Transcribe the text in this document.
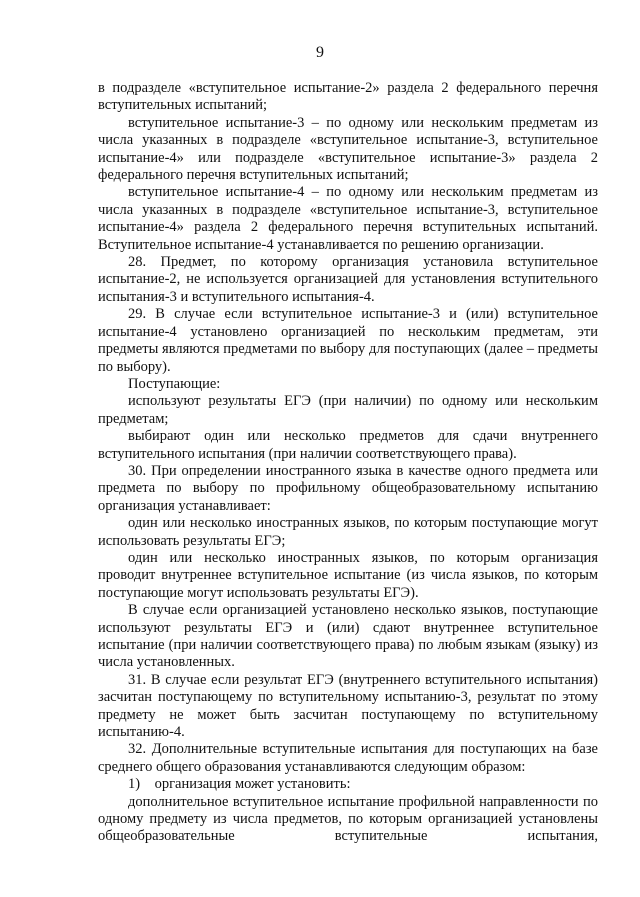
9

в подразделе «вступительное испытание-2» раздела 2 федерального перечня вступительных испытаний;

вступительное испытание-3 – по одному или нескольким предметам из числа указанных в подразделе «вступительное испытание-3, вступительное испытание-4» или подразделе «вступительное испытание-3» раздела 2 федерального перечня вступительных испытаний;

вступительное испытание-4 – по одному или нескольким предметам из числа указанных в подразделе «вступительное испытание-3, вступительное испытание-4» раздела 2 федерального перечня вступительных испытаний. Вступительное испытание-4 устанавливается по решению организации.

28. Предмет, по которому организация установила вступительное испытание-2, не используется организацией для установления вступительного испытания-3 и вступительного испытания-4.

29. В случае если вступительное испытание-3 и (или) вступительное испытание-4 установлено организацией по нескольким предметам, эти предметы являются предметами по выбору для поступающих (далее – предметы по выбору).

Поступающие:

используют результаты ЕГЭ (при наличии) по одному или нескольким предметам;

выбирают один или несколько предметов для сдачи внутреннего вступительного испытания (при наличии соответствующего права).

30. При определении иностранного языка в качестве одного предмета или предмета по выбору по профильному общеобразовательному испытанию организация устанавливает:

один или несколько иностранных языков, по которым поступающие могут использовать результаты ЕГЭ;

один или несколько иностранных языков, по которым организация проводит внутреннее вступительное испытание (из числа языков, по которым поступающие могут использовать результаты ЕГЭ).

В случае если организацией установлено несколько языков, поступающие используют результаты ЕГЭ и (или) сдают внутреннее вступительное испытание (при наличии соответствующего права) по любым языкам (языку) из числа установленных.

31. В случае если результат ЕГЭ (внутреннего вступительного испытания) засчитан поступающему по вступительному испытанию-3, результат по этому предмету не может быть засчитан поступающему по вступительному испытанию-4.

32. Дополнительные вступительные испытания для поступающих на базе среднего общего образования устанавливаются следующим образом:

1)    организация может установить:

дополнительное вступительное испытание профильной направленности по одному предмету из числа предметов, по которым организацией установлены общеобразовательные вступительные испытания,
